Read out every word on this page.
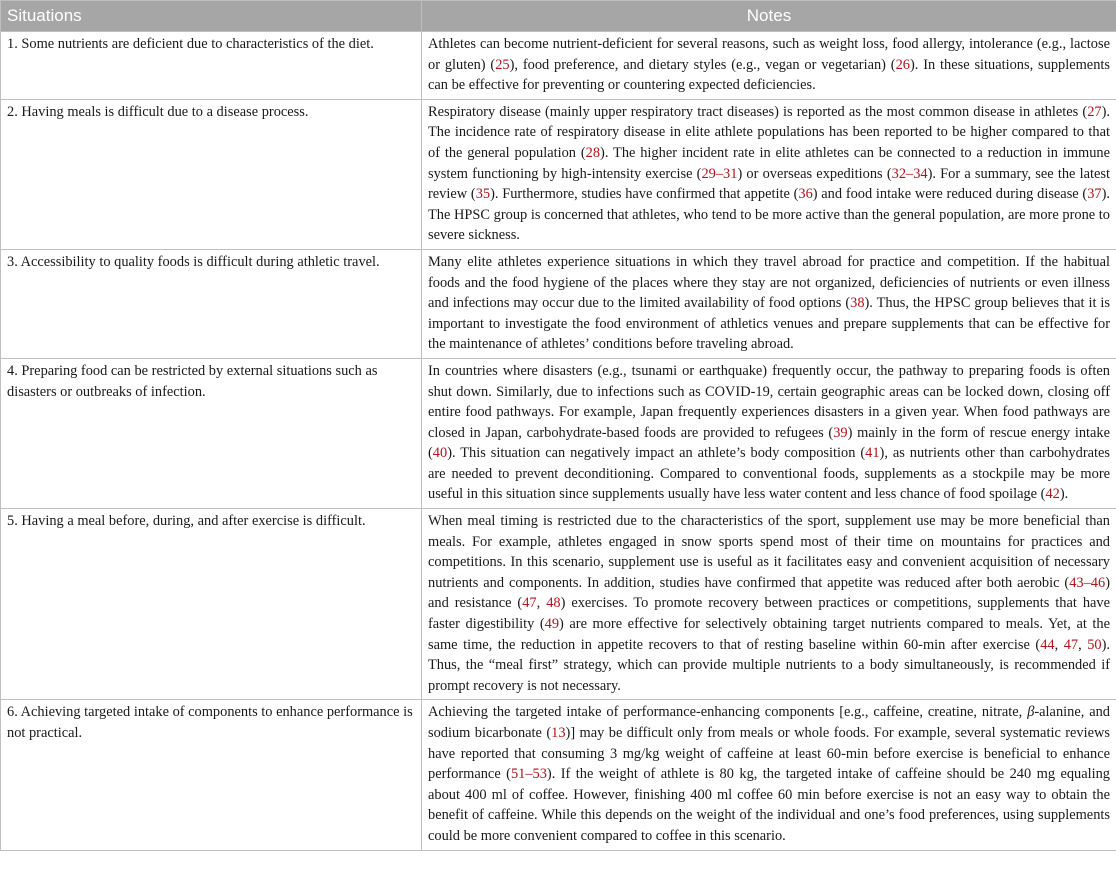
Situations	Notes
1. Some nutrients are deficient due to characteristics of the diet.	Athletes can become nutrient-deficient for several reasons, such as weight loss, food allergy, intolerance (e.g., lactose or gluten) (25), food preference, and dietary styles (e.g., vegan or vegetarian) (26). In these situations, supplements can be effective for preventing or countering expected deficiencies.
2. Having meals is difficult due to a disease process.	Respiratory disease (mainly upper respiratory tract diseases) is reported as the most common disease in athletes (27). The incidence rate of respiratory disease in elite athlete populations has been reported to be higher compared to that of the general population (28). The higher incident rate in elite athletes can be connected to a reduction in immune system functioning by high-intensity exercise (29–31) or overseas expeditions (32–34). For a summary, see the latest review (35). Furthermore, studies have confirmed that appetite (36) and food intake were reduced during disease (37). The HPSC group is concerned that athletes, who tend to be more active than the general population, are more prone to severe sickness.
3. Accessibility to quality foods is difficult during athletic travel.	Many elite athletes experience situations in which they travel abroad for practice and competition. If the habitual foods and the food hygiene of the places where they stay are not organized, deficiencies of nutrients or even illness and infections may occur due to the limited availability of food options (38). Thus, the HPSC group believes that it is important to investigate the food environment of athletics venues and prepare supplements that can be effective for the maintenance of athletes’ conditions before traveling abroad.
4. Preparing food can be restricted by external situations such as disasters or outbreaks of infection.	In countries where disasters (e.g., tsunami or earthquake) frequently occur, the pathway to preparing foods is often shut down. Similarly, due to infections such as COVID-19, certain geographic areas can be locked down, closing off entire food pathways. For example, Japan frequently experiences disasters in a given year. When food pathways are closed in Japan, carbohydrate-based foods are provided to refugees (39) mainly in the form of rescue energy intake (40). This situation can negatively impact an athlete’s body composition (41), as nutrients other than carbohydrates are needed to prevent deconditioning. Compared to conventional foods, supplements as a stockpile may be more useful in this situation since supplements usually have less water content and less chance of food spoilage (42).
5. Having a meal before, during, and after exercise is difficult.	When meal timing is restricted due to the characteristics of the sport, supplement use may be more beneficial than meals. For example, athletes engaged in snow sports spend most of their time on mountains for practices and competitions. In this scenario, supplement use is useful as it facilitates easy and convenient acquisition of necessary nutrients and components. In addition, studies have confirmed that appetite was reduced after both aerobic (43–46) and resistance (47, 48) exercises. To promote recovery between practices or competitions, supplements that have faster digestibility (49) are more effective for selectively obtaining target nutrients compared to meals. Yet, at the same time, the reduction in appetite recovers to that of resting baseline within 60-min after exercise (44, 47, 50). Thus, the “meal first” strategy, which can provide multiple nutrients to a body simultaneously, is recommended if prompt recovery is not necessary.
6. Achieving targeted intake of components to enhance performance is not practical.	Achieving the targeted intake of performance-enhancing components [e.g., caffeine, creatine, nitrate, β-alanine, and sodium bicarbonate (13)] may be difficult only from meals or whole foods. For example, several systematic reviews have reported that consuming 3 mg/kg weight of caffeine at least 60-min before exercise is beneficial to enhance performance (51–53). If the weight of athlete is 80 kg, the targeted intake of caffeine should be 240 mg equaling about 400 ml of coffee. However, finishing 400 ml coffee 60 min before exercise is not an easy way to obtain the benefit of caffeine. While this depends on the weight of the individual and one’s food preferences, using supplements could be more convenient compared to coffee in this scenario.
